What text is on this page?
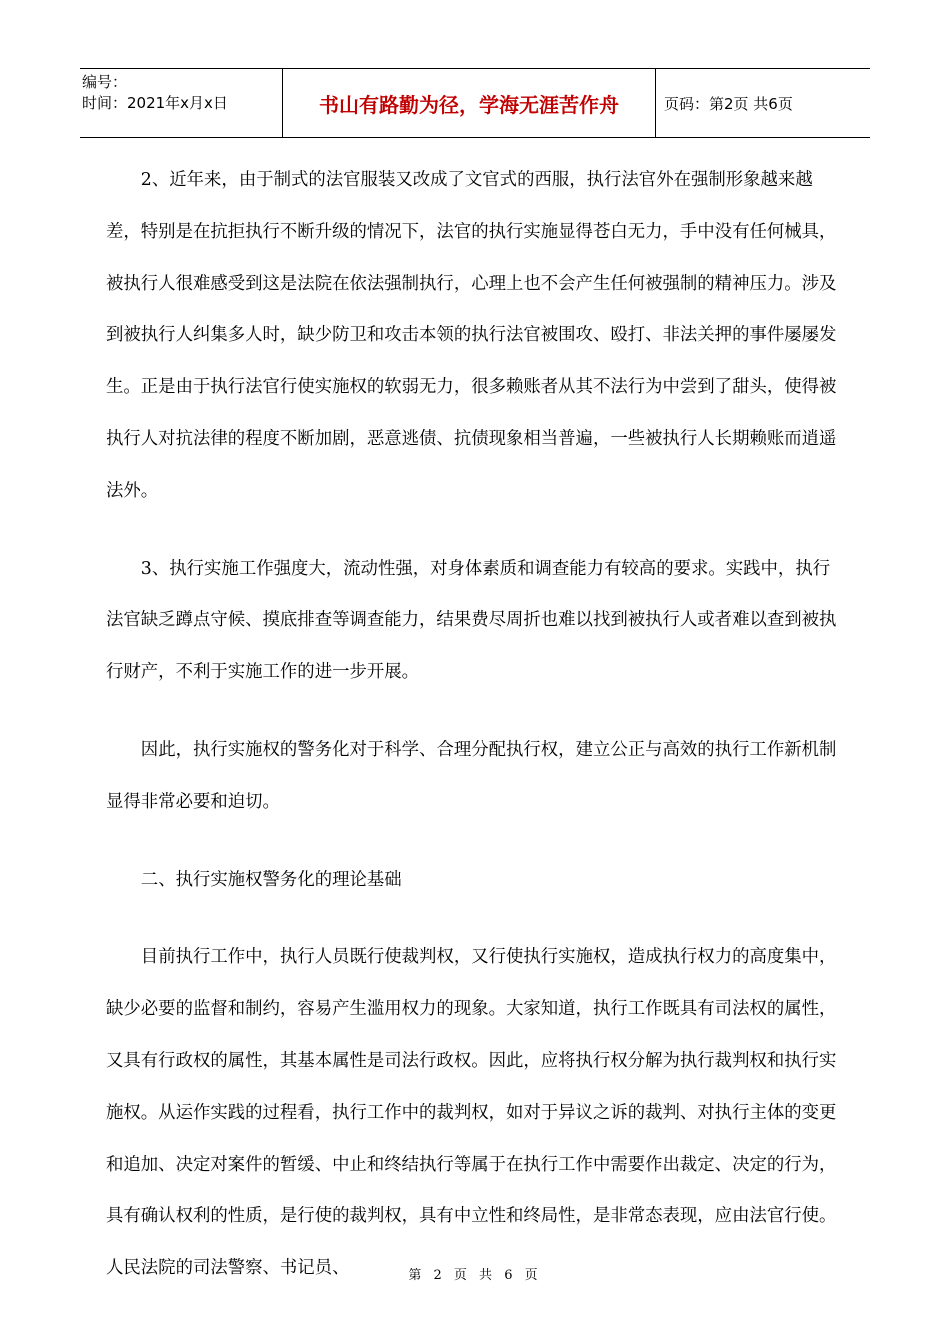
编号：
时间：2021年x月x日	书山有路勤为径，学海无涯苦作舟	页码：第2页 共6页

2、近年来，由于制式的法官服装又改成了文官式的西服，执行法官外在强制形象越来越差，特别是在抗拒执行不断升级的情况下，法官的执行实施显得苍白无力，手中没有任何械具，被执行人很难感受到这是法院在依法强制执行，心理上也不会产生任何被强制的精神压力。涉及到被执行人纠集多人时，缺少防卫和攻击本领的执行法官被围攻、殴打、非法关押的事件屡屡发生。正是由于执行法官行使实施权的软弱无力，很多赖账者从其不法行为中尝到了甜头，使得被执行人对抗法律的程度不断加剧，恶意逃债、抗债现象相当普遍，一些被执行人长期赖账而逍遥法外。

3、执行实施工作强度大，流动性强，对身体素质和调查能力有较高的要求。实践中，执行法官缺乏蹲点守候、摸底排查等调查能力，结果费尽周折也难以找到被执行人或者难以查到被执行财产，不利于实施工作的进一步开展。

因此，执行实施权的警务化对于科学、合理分配执行权，建立公正与高效的执行工作新机制显得非常必要和迫切。

二、执行实施权警务化的理论基础

目前执行工作中，执行人员既行使裁判权，又行使执行实施权，造成执行权力的高度集中，缺少必要的监督和制约，容易产生滥用权力的现象。大家知道，执行工作既具有司法权的属性，又具有行政权的属性，其基本属性是司法行政权。因此，应将执行权分解为执行裁判权和执行实施权。从运作实践的过程看，执行工作中的裁判权，如对于异议之诉的裁判、对执行主体的变更和追加、决定对案件的暂缓、中止和终结执行等属于在执行工作中需要作出裁定、决定的行为，具有确认权利的性质，是行使的裁判权，具有中立性和终局性，是非常态表现，应由法官行使。人民法院的司法警察、书记员、	第 2 页 共 6 页
